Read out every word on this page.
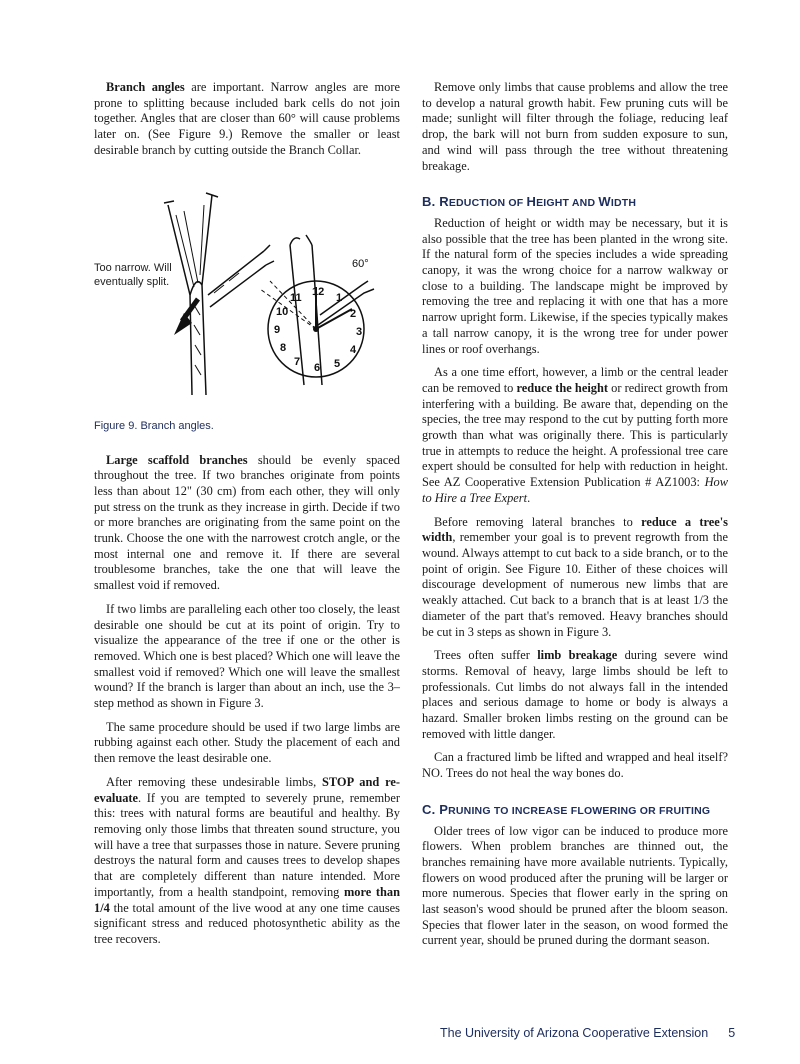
Branch angles are important. Narrow angles are more prone to splitting because included bark cells do not join together. Angles that are closer than 60° will cause problems later on. (See Figure 9.) Remove the smaller or least desirable branch by cutting outside the Branch Collar.

60°
12 1
2
3
4
5
6
7
8
9
10
11
Too narrow. Will
eventually split.
Figure 9. Branch angles.

Large scaffold branches should be evenly spaced throughout the tree. If two branches originate from points less than about 12" (30 cm) from each other, they will only put stress on the trunk as they increase in girth. Decide if two or more branches are originating from the same point on the trunk. Choose the one with the narrowest crotch angle, or the most internal one and remove it. If there are several troublesome branches, take the one that will leave the smallest void if removed.

If two limbs are paralleling each other too closely, the least desirable one should be cut at its point of origin. Try to visualize the appearance of the tree if one or the other is removed. Which one is best placed? Which one will leave the smallest void if removed? Which one will leave the smallest wound? If the branch is larger than about an inch, use the 3–step method as shown in Figure 3.

The same procedure should be used if two large limbs are rubbing against each other. Study the placement of each and then remove the least desirable one.

After removing these undesirable limbs, STOP and re-evaluate. If you are tempted to severely prune, remember this: trees with natural forms are beautiful and healthy. By removing only those limbs that threaten sound structure, you will have a tree that surpasses those in nature. Severe pruning destroys the natural form and causes trees to develop shapes that are completely different than nature intended. More importantly, from a health standpoint, removing more than 1/4 the total amount of the live wood at any one time causes significant stress and reduced photosynthetic ability as the tree recovers.

Remove only limbs that cause problems and allow the tree to develop a natural growth habit. Few pruning cuts will be made; sunlight will filter through the foliage, reducing leaf drop, the bark will not burn from sudden exposure to sun, and wind will pass through the tree without threatening breakage.

B. REDUCTION OF HEIGHT AND WIDTH

Reduction of height or width may be necessary, but it is also possible that the tree has been planted in the wrong site. If the natural form of the species includes a wide spreading canopy, it was the wrong choice for a narrow walkway or close to a building. The landscape might be improved by removing the tree and replacing it with one that has a more narrow upright form. Likewise, if the species typically makes a tall narrow canopy, it is the wrong tree for under power lines or roof overhangs.

As a one time effort, however, a limb or the central leader can be removed to reduce the height or redirect growth from interfering with a building. Be aware that, depending on the species, the tree may respond to the cut by putting forth more growth than what was originally there. This is particularly true in attempts to reduce the height. A professional tree care expert should be consulted for help with reduction in height. See AZ Cooperative Extension Publication # AZ1003: How to Hire a Tree Expert.

Before removing lateral branches to reduce a tree's width, remember your goal is to prevent regrowth from the wound. Always attempt to cut back to a side branch, or to the point of origin. See Figure 10. Either of these choices will discourage development of numerous new limbs that are weakly attached. Cut back to a branch that is at least 1/3 the diameter of the part that's removed. Heavy branches should be cut in 3 steps as shown in Figure 3.

Trees often suffer limb breakage during severe wind storms. Removal of heavy, large limbs should be left to professionals. Cut limbs do not always fall in the intended places and serious damage to home or body is always a hazard. Smaller broken limbs resting on the ground can be removed with little danger.

Can a fractured limb be lifted and wrapped and heal itself? NO. Trees do not heal the way bones do.

C. PRUNING TO INCREASE FLOWERING OR FRUITING

Older trees of low vigor can be induced to produce more flowers. When problem branches are thinned out, the branches remaining have more available nutrients. Typically, flowers on wood produced after the pruning will be larger or more numerous. Species that flower early in the spring on last season's wood should be pruned after the bloom season. Species that flower later in the season, on wood formed the current year, should be pruned during the dormant season.

The University of Arizona Cooperative Extension 5
